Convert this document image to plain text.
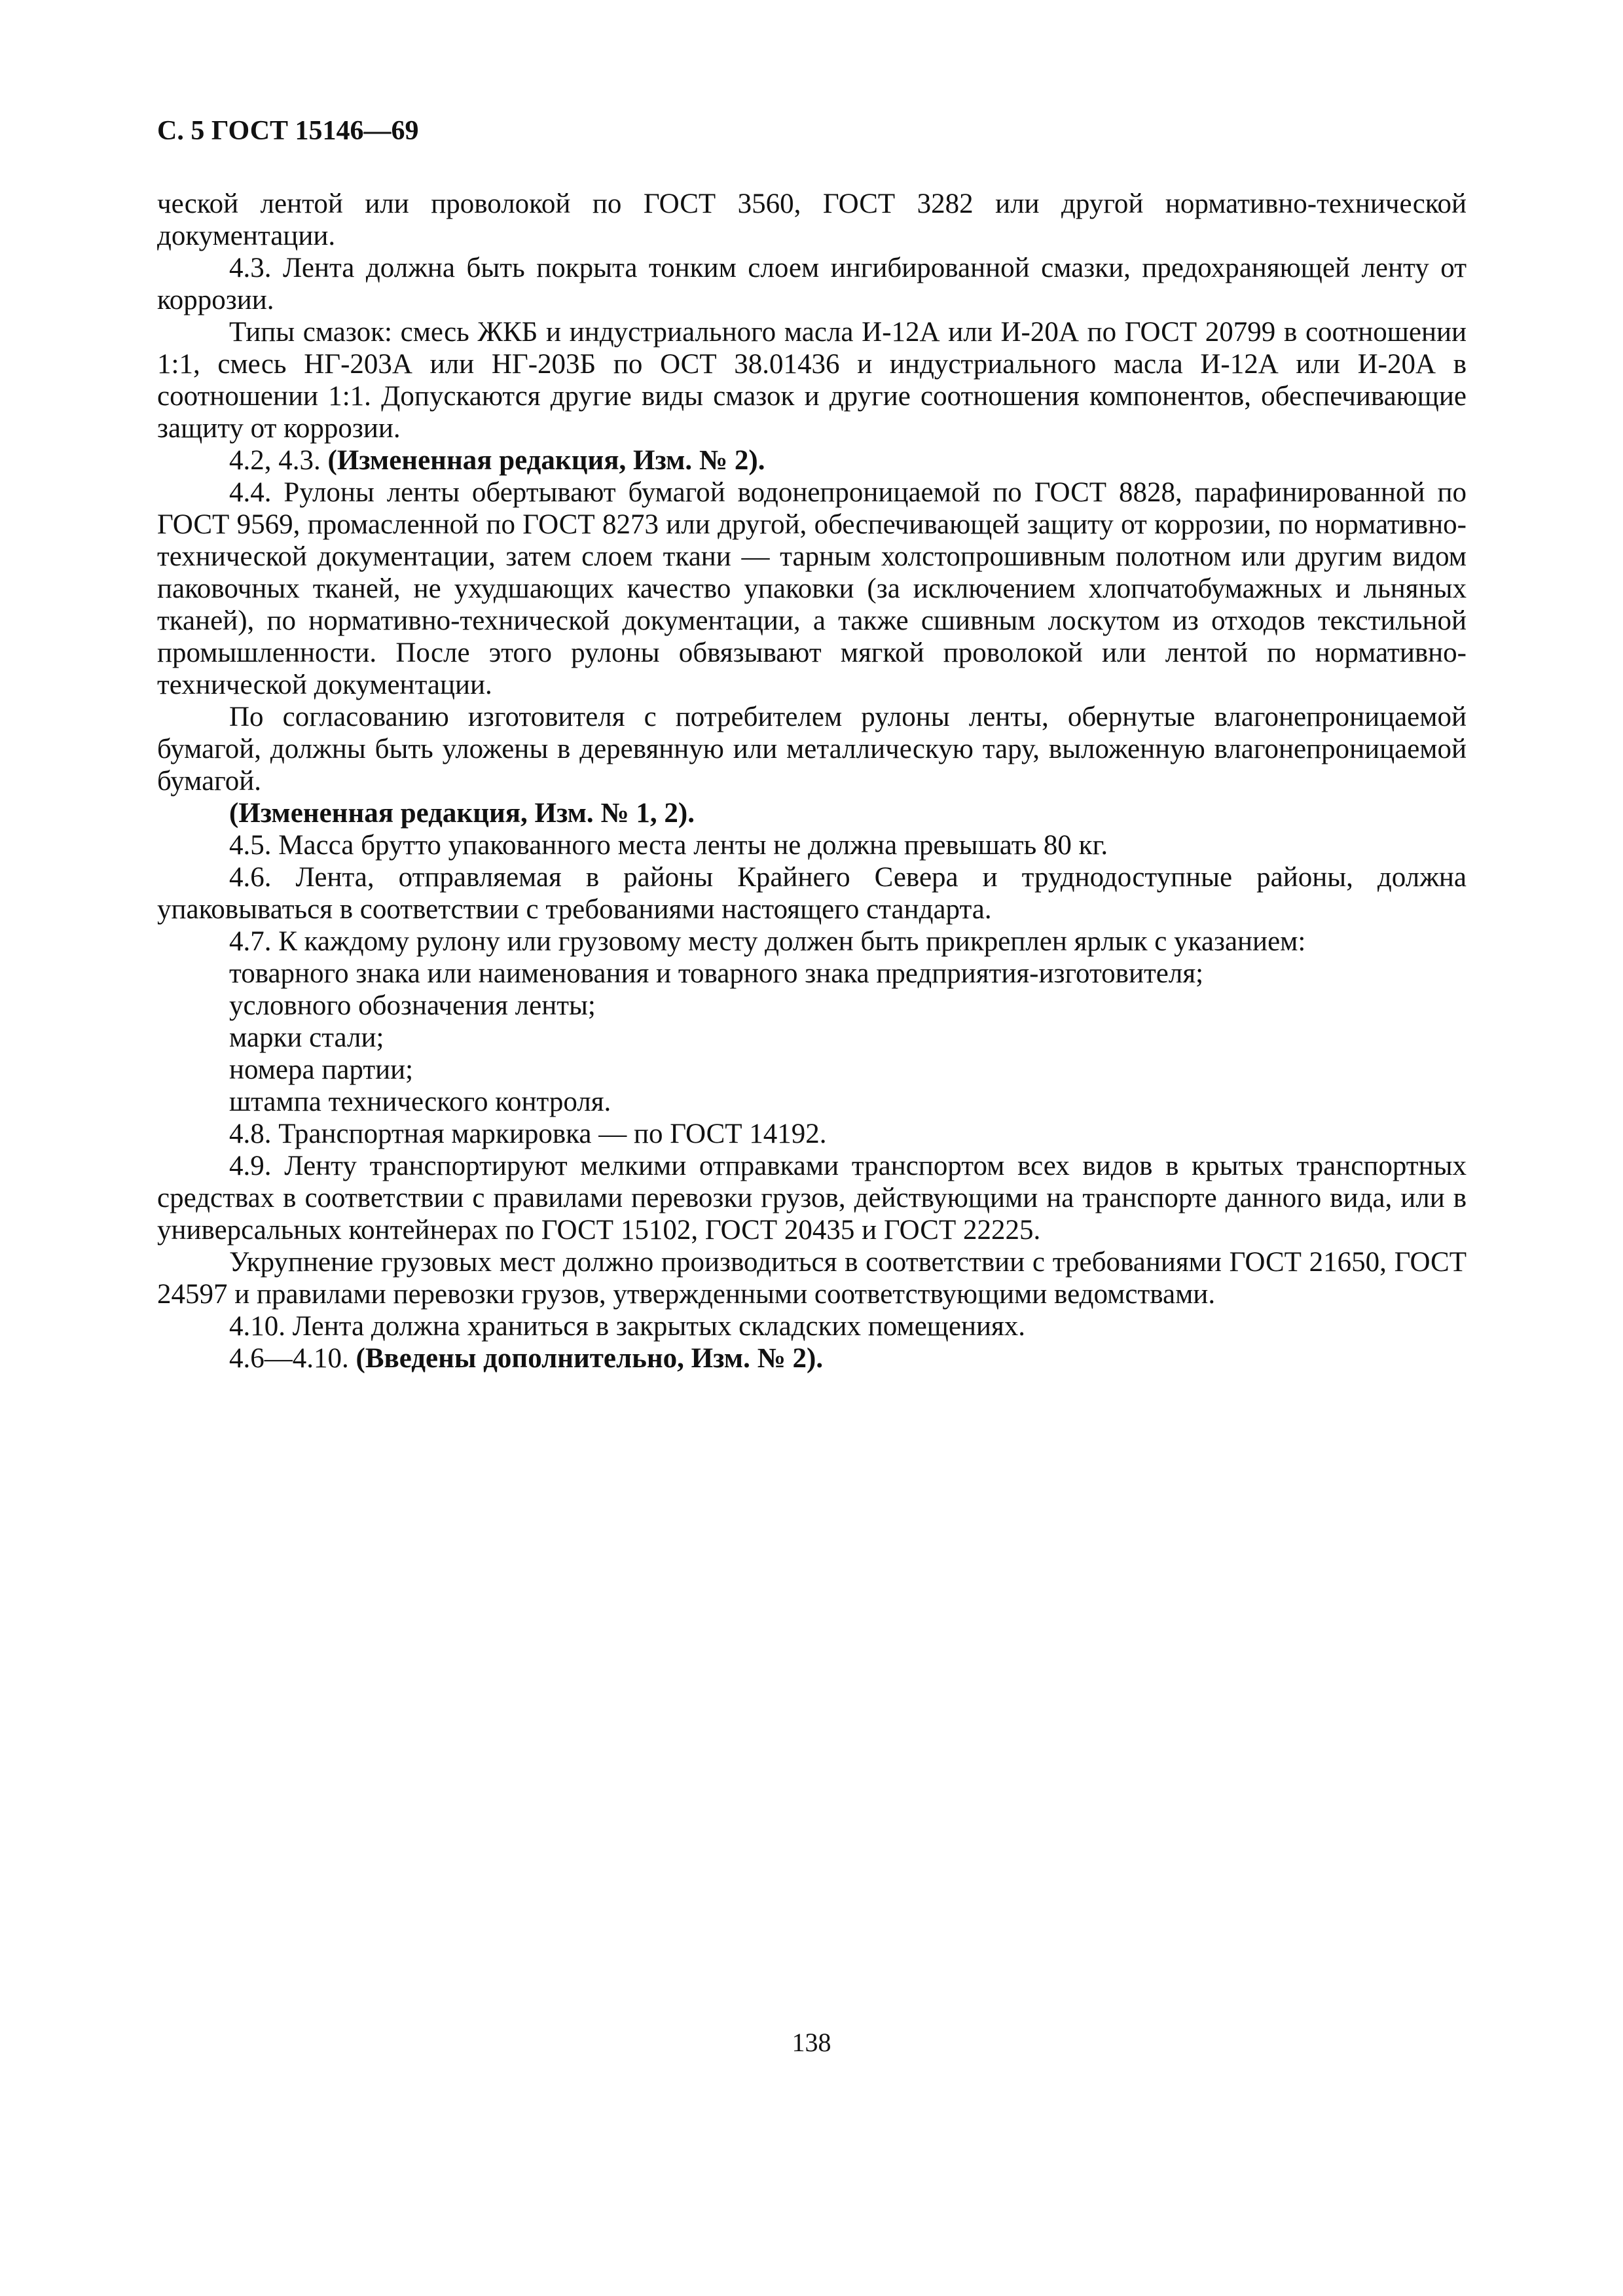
С. 5 ГОСТ 15146—69

ческой лентой или проволокой по ГОСТ 3560, ГОСТ 3282 или другой нормативно-технической документации.

4.3. Лента должна быть покрыта тонким слоем ингибированной смазки, предохраняющей ленту от коррозии.

Типы смазок: смесь ЖКБ и индустриального масла И-12А или И-20А по ГОСТ 20799 в соотношении 1:1, смесь НГ-203А или НГ-203Б по ОСТ 38.01436 и индустриального масла И-12А или И-20А в соотношении 1:1. Допускаются другие виды смазок и другие соотношения компонентов, обеспечивающие защиту от коррозии.

4.2, 4.3. (Измененная редакция, Изм. № 2).

4.4. Рулоны ленты обертывают бумагой водонепроницаемой по ГОСТ 8828, парафинированной по ГОСТ 9569, промасленной по ГОСТ 8273 или другой, обеспечивающей защиту от коррозии, по нормативно-технической документации, затем слоем ткани — тарным холстопрошивным полотном или другим видом паковочных тканей, не ухудшающих качество упаковки (за исключением хлопчатобумажных и льняных тканей), по нормативно-технической документации, а также сшивным лоскутом из отходов текстильной промышленности. После этого рулоны обвязывают мягкой проволокой или лентой по нормативно-технической документации.

По согласованию изготовителя с потребителем рулоны ленты, обернутые влагонепроницаемой бумагой, должны быть уложены в деревянную или металлическую тару, выложенную влагонепроницаемой бумагой.

(Измененная редакция, Изм. № 1, 2).

4.5. Масса брутто упакованного места ленты не должна превышать 80 кг.

4.6. Лента, отправляемая в районы Крайнего Севера и труднодоступные районы, должна упаковываться в соответствии с требованиями настоящего стандарта.

4.7. К каждому рулону или грузовому месту должен быть прикреплен ярлык с указанием:

товарного знака или наименования и товарного знака предприятия-изготовителя;

условного обозначения ленты;

марки стали;

номера партии;

штампа технического контроля.

4.8. Транспортная маркировка — по ГОСТ 14192.

4.9. Ленту транспортируют мелкими отправками транспортом всех видов в крытых транспортных средствах в соответствии с правилами перевозки грузов, действующими на транспорте данного вида, или в универсальных контейнерах по ГОСТ 15102, ГОСТ 20435 и ГОСТ 22225.

Укрупнение грузовых мест должно производиться в соответствии с требованиями ГОСТ 21650, ГОСТ 24597 и правилами перевозки грузов, утвержденными соответствующими ведомствами.

4.10. Лента должна храниться в закрытых складских помещениях.

4.6—4.10. (Введены дополнительно, Изм. № 2).

138
